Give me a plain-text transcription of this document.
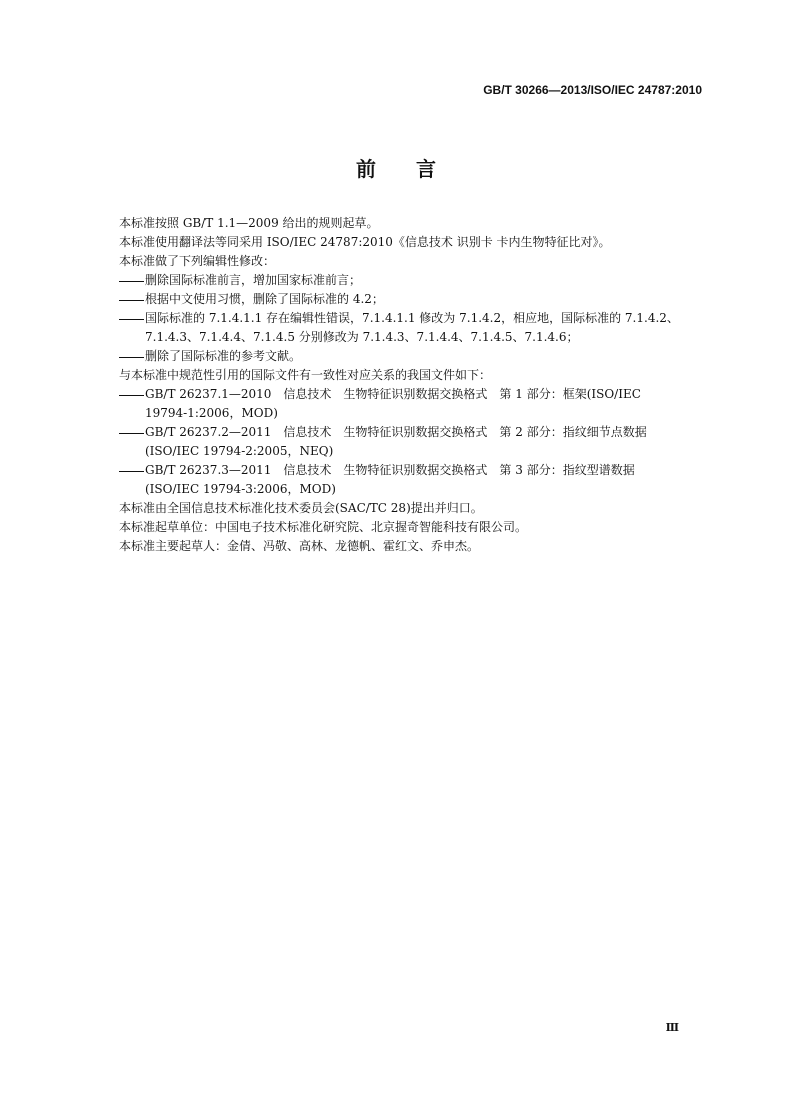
GB/T 30266—2013/ISO/IEC 24787:2010
前　　言
本标准按照 GB/T 1.1—2009 给出的规则起草。
本标准使用翻译法等同采用 ISO/IEC 24787:2010《信息技术 识别卡 卡内生物特征比对》。
本标准做了下列编辑性修改：
删除国际标准前言，增加国家标准前言；
根据中文使用习惯，删除了国际标准的 4.2；
国际标准的 7.1.4.1.1 存在编辑性错误，7.1.4.1.1 修改为 7.1.4.2，相应地，国际标准的 7.1.4.2、
7.1.4.3、7.1.4.4、7.1.4.5 分别修改为 7.1.4.3、7.1.4.4、7.1.4.5、7.1.4.6；
删除了国际标准的参考文献。
与本标准中规范性引用的国际文件有一致性对应关系的我国文件如下：
GB/T 26237.1—2010　信息技术　生物特征识别数据交换格式　第 1 部分：框架(ISO/IEC
19794-1:2006，MOD)
GB/T 26237.2—2011　信息技术　生物特征识别数据交换格式　第 2 部分：指纹细节点数据
(ISO/IEC 19794-2:2005，NEQ)
GB/T 26237.3—2011　信息技术　生物特征识别数据交换格式　第 3 部分：指纹型谱数据
(ISO/IEC 19794-3:2006，MOD)
本标准由全国信息技术标准化技术委员会(SAC/TC 28)提出并归口。
本标准起草单位：中国电子技术标准化研究院、北京握奇智能科技有限公司。
本标准主要起草人：金倩、冯敬、高林、龙德帆、霍红文、乔申杰。
Ⅲ
